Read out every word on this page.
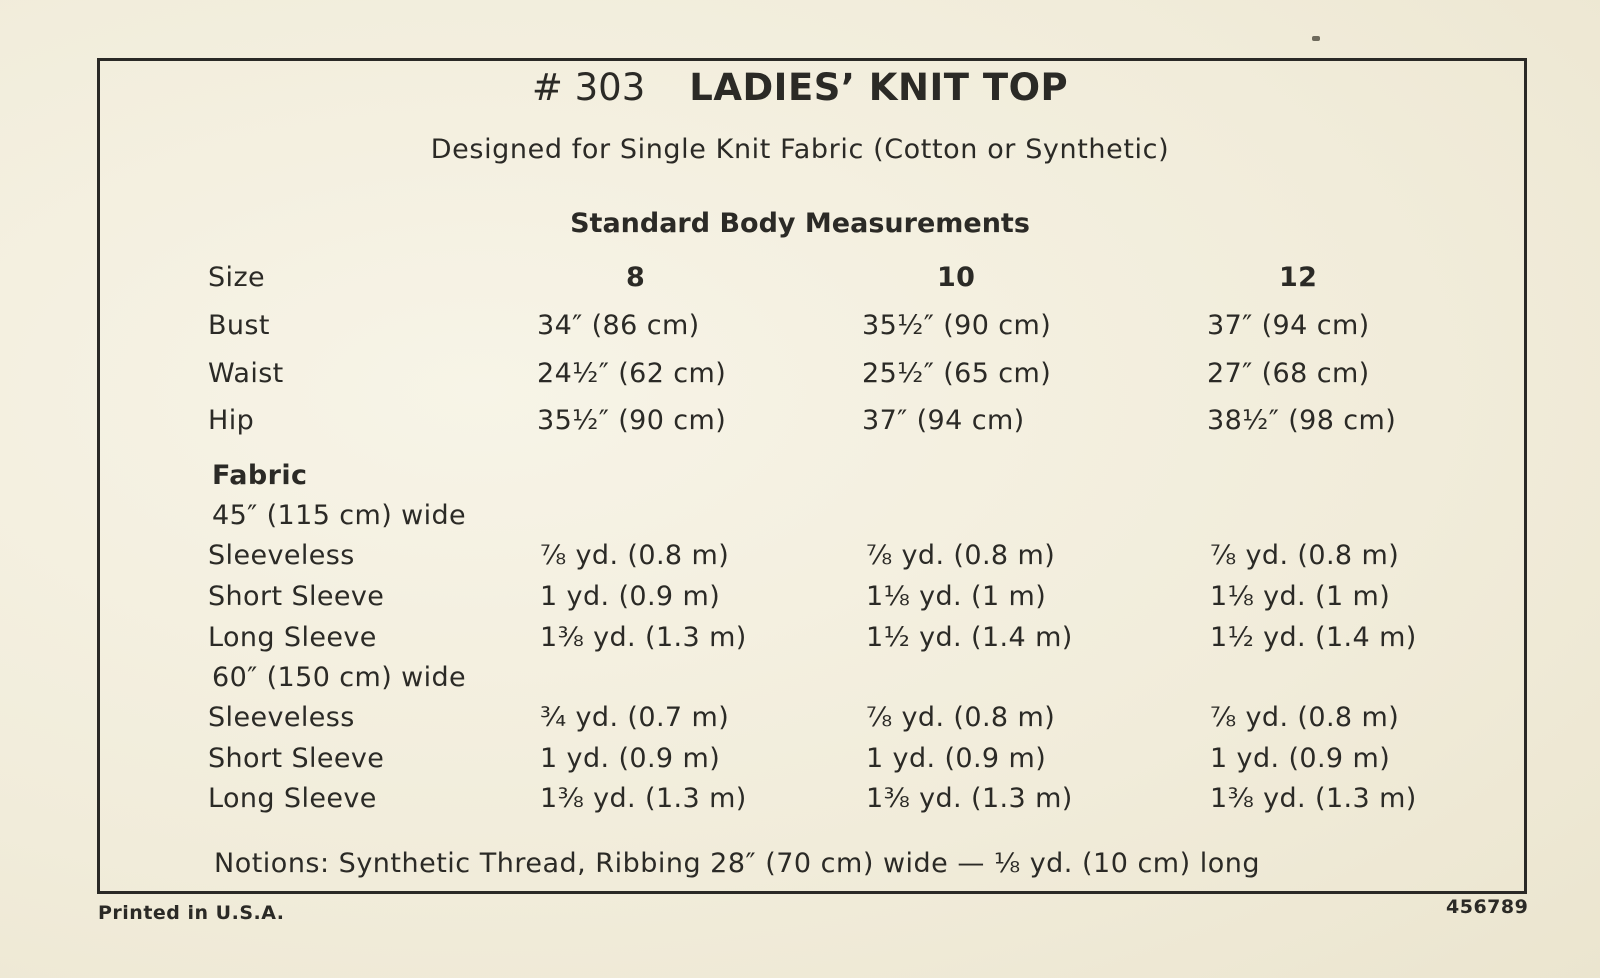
# 303 LADIES’ KNIT TOP
Designed for Single Knit Fabric (Cotton or Synthetic)
Standard Body Measurements
Size	8	10	12
Bust	34″ (86 cm)	35½″ (90 cm)	37″ (94 cm)
Waist	24½″ (62 cm)	25½″ (65 cm)	27″ (68 cm)
Hip	35½″ (90 cm)	37″ (94 cm)	38½″ (98 cm)
Fabric
45″ (115 cm) wide
Sleeveless	⅞ yd. (0.8 m)	⅞ yd. (0.8 m)	⅞ yd. (0.8 m)
Short Sleeve	1 yd. (0.9 m)	1⅛ yd. (1 m)	1⅛ yd. (1 m)
Long Sleeve	1⅜ yd. (1.3 m)	1½ yd. (1.4 m)	1½ yd. (1.4 m)
60″ (150 cm) wide
Sleeveless	¾ yd. (0.7 m)	⅞ yd. (0.8 m)	⅞ yd. (0.8 m)
Short Sleeve	1 yd. (0.9 m)	1 yd. (0.9 m)	1 yd. (0.9 m)
Long Sleeve	1⅜ yd. (1.3 m)	1⅜ yd. (1.3 m)	1⅜ yd. (1.3 m)
Notions: Synthetic Thread, Ribbing 28″ (70 cm) wide — ⅛ yd. (10 cm) long
Printed in U.S.A.	456789
